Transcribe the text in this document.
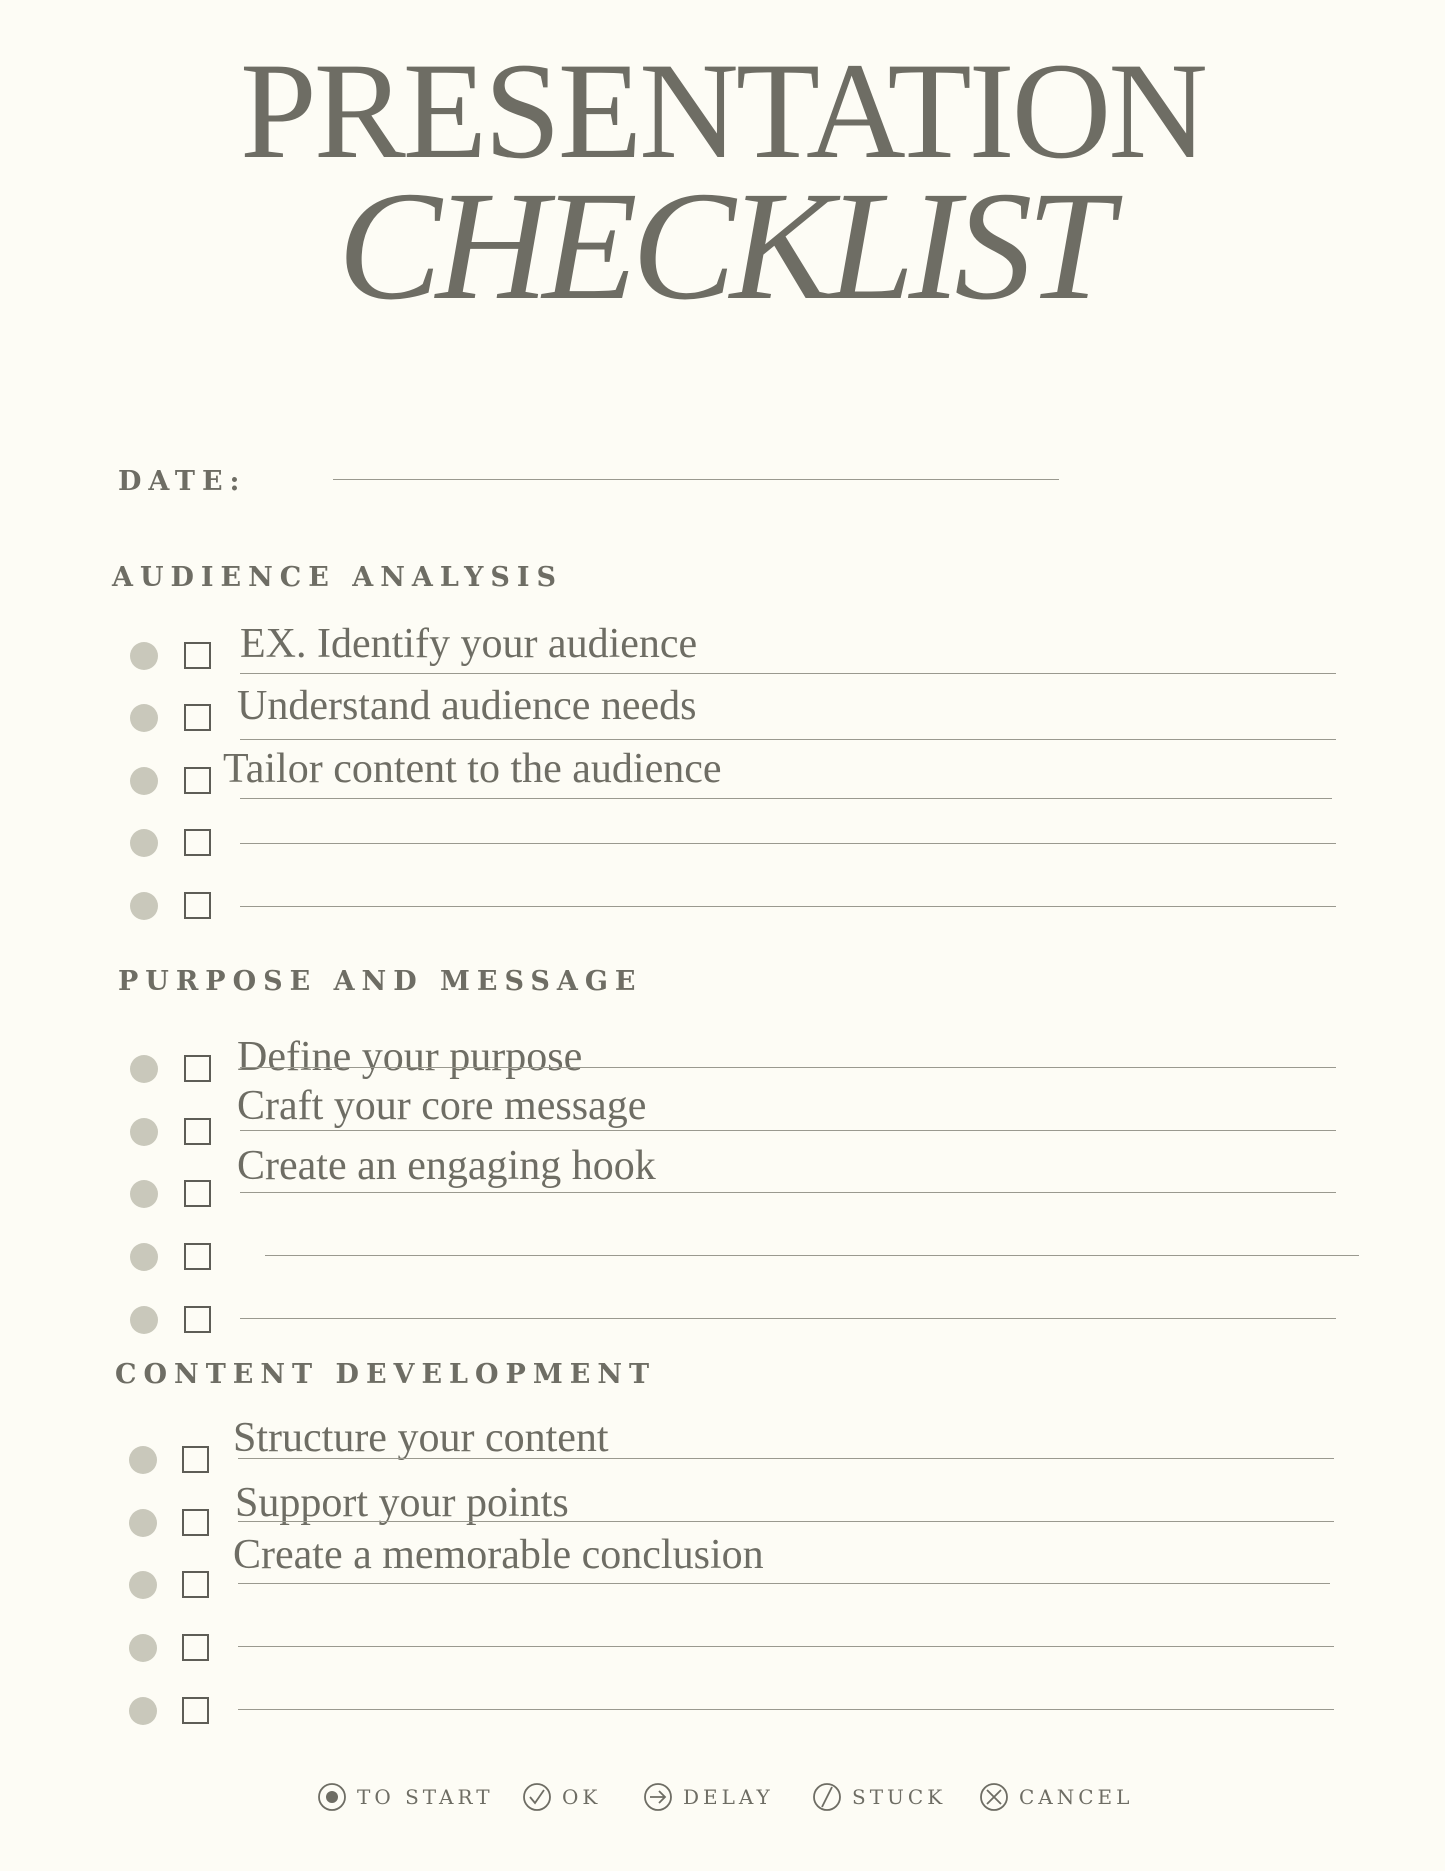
PRESENTATION
CHECKLIST
DATE:
AUDIENCE ANALYSIS
EX. Identify your audience
Understand audience needs
Tailor content to the audience
PURPOSE AND MESSAGE
Define your purpose
Craft your core message
Create an engaging hook
CONTENT DEVELOPMENT
Structure your content
Support your points
Create a memorable conclusion
TO START	OK	DELAY	STUCK	CANCEL
